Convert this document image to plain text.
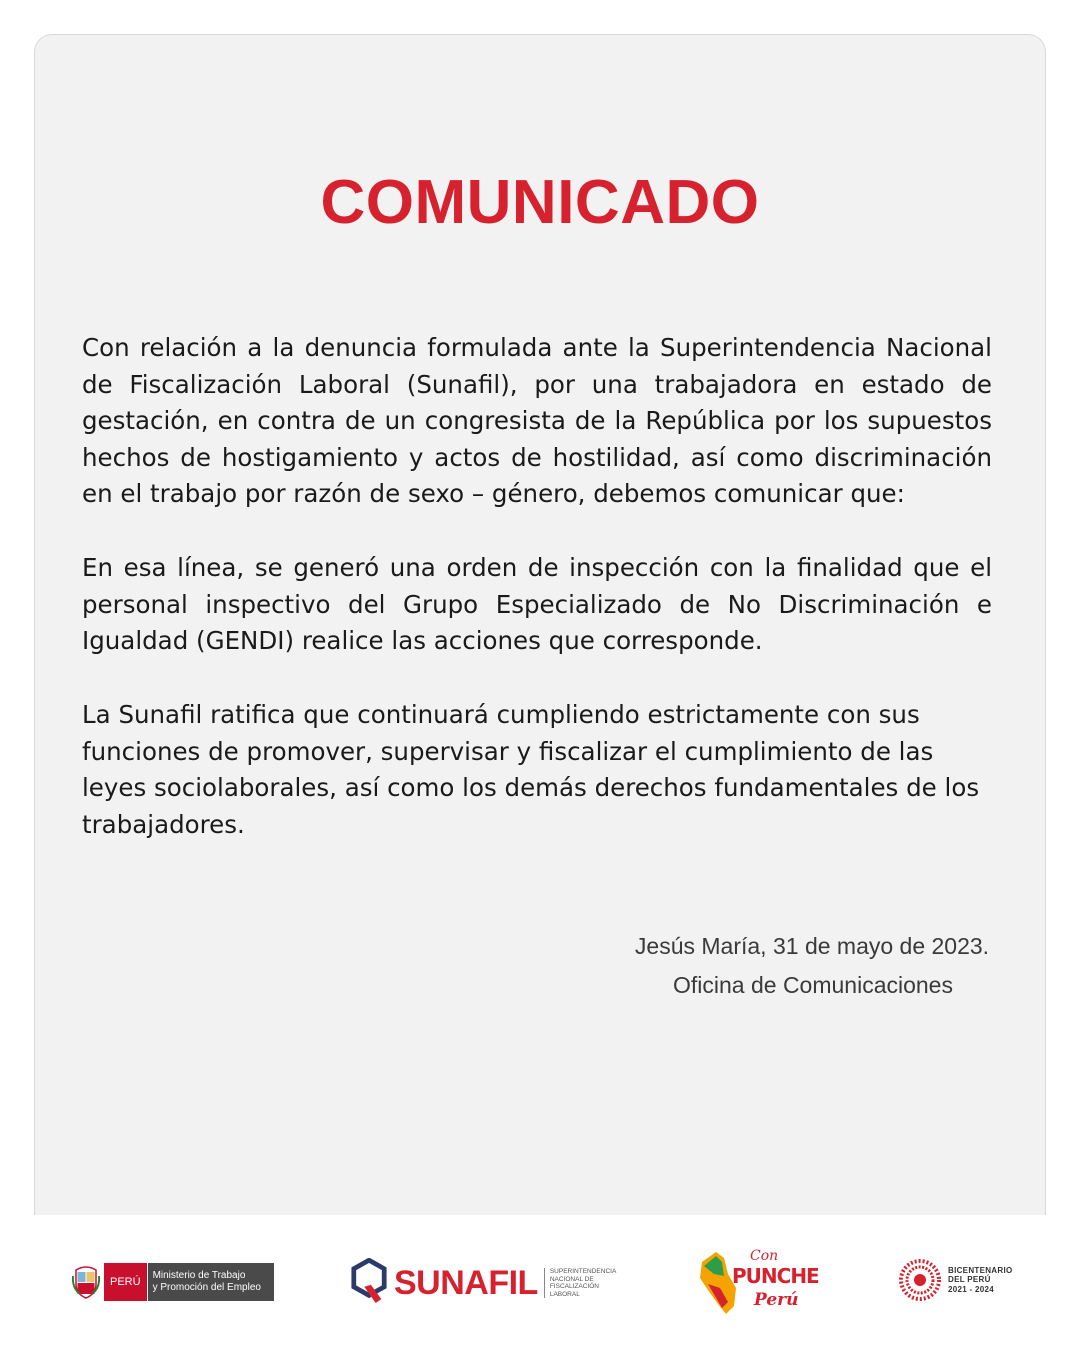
COMUNICADO

Con relación a la denuncia formulada ante la Superintendencia Nacional de Fiscalización Laboral (Sunafil), por una trabajadora en estado de gestación, en contra de un congresista de la República por los supuestos hechos de hostigamiento y actos de hostilidad, así como discriminación en el trabajo por razón de sexo – género, debemos comunicar que:

En esa línea, se generó una orden de inspección con la finalidad que el personal inspectivo del Grupo Especializado de No Discriminación e Igualdad (GENDI) realice las acciones que corresponde.

La Sunafil ratifica que continuará cumpliendo estrictamente con sus funciones de promover, supervisar y fiscalizar el cumplimiento de las leyes sociolaborales, así como los demás derechos fundamentales de los trabajadores.

Jesús María, 31 de mayo de 2023.

Oficina de Comunicaciones

PERÚ
Ministerio de Trabajo
y Promoción del Empleo	SUNAFIL SUPERINTENDENCIA
NACIONAL DE
FISCALIZACIÓN
LABORAL
Con
PUNCHE
Perú
BICENTENARIO
DEL PERÚ
2021 - 2024
